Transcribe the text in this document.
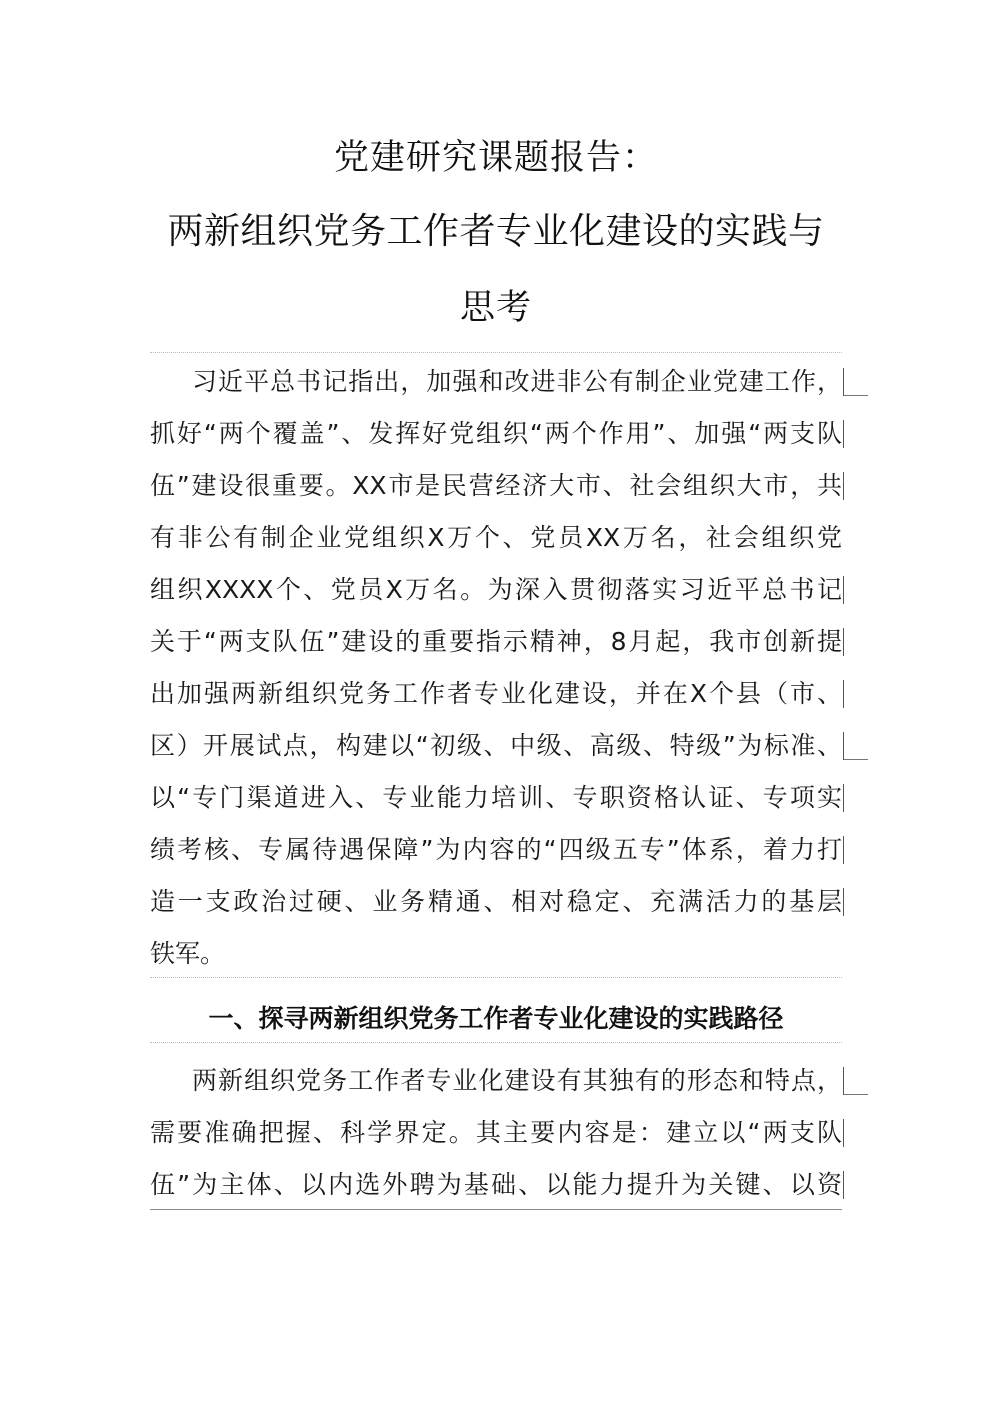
党建研究课题报告：
两新组织党务工作者专业化建设的实践与
思考
习近平总书记指出，加强和改进非公有制企业党建工作，
抓好“两个覆盖”、发挥好党组织“两个作用”、加强“两支队
伍”建设很重要。XX市是民营经济大市、社会组织大市，共
有非公有制企业党组织X万个、党员XX万名，社会组织党
组织XXXX个、党员X万名。为深入贯彻落实习近平总书记
关于“两支队伍”建设的重要指示精神，8月起，我市创新提
出加强两新组织党务工作者专业化建设，并在X个县（市、
区）开展试点，构建以“初级、中级、高级、特级”为标准、
以“专门渠道进入、专业能力培训、专职资格认证、专项实
绩考核、专属待遇保障”为内容的“四级五专”体系，着力打
造一支政治过硬、业务精通、相对稳定、充满活力的基层
铁军。
一、探寻两新组织党务工作者专业化建设的实践路径
两新组织党务工作者专业化建设有其独有的形态和特点，
需要准确把握、科学界定。其主要内容是：建立以“两支队
伍”为主体、以内选外聘为基础、以能力提升为关键、以资
